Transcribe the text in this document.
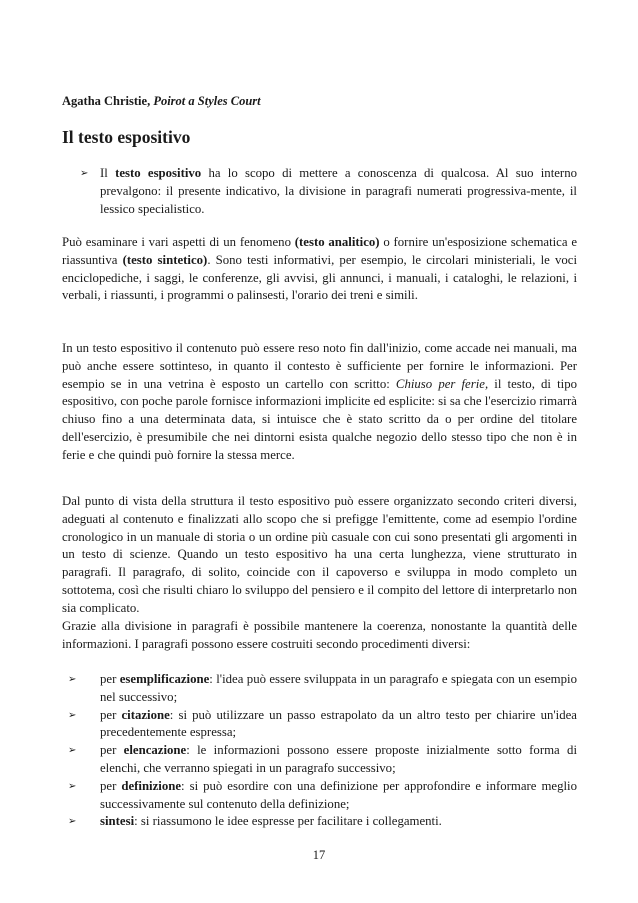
Agatha Christie, Poirot a Styles Court
Il testo espositivo
➢ Il testo espositivo ha lo scopo di mettere a conoscenza di qualcosa. Al suo interno prevalgono: il presente indicativo, la divisione in paragrafi numerati progressiva-mente, il lessico specialistico.

Può esaminare i vari aspetti di un fenomeno (testo analitico) o fornire un'esposizione schematica e riassuntiva (testo sintetico). Sono testi informativi, per esempio, le circolari ministeriali, le voci enciclopediche, i saggi, le conferenze, gli avvisi, gli annunci, i manuali, i cataloghi, le relazioni, i verbali, i riassunti, i programmi o palinsesti, l'orario dei treni e simili.

In un testo espositivo il contenuto può essere reso noto fin dall'inizio, come accade nei manuali, ma può anche essere sottinteso, in quanto il contesto è sufficiente per fornire le informazioni. Per esempio se in una vetrina è esposto un cartello con scritto: Chiuso per ferie, il testo, di tipo espositivo, con poche parole fornisce informazioni implicite ed esplicite: si sa che l'esercizio rimarrà chiuso fino a una determinata data, si intuisce che è stato scritto da o per ordine del titolare dell'esercizio, è presumibile che nei dintorni esista qualche negozio dello stesso tipo che non è in ferie e che quindi può fornire la stessa merce.

Dal punto di vista della struttura il testo espositivo può essere organizzato secondo criteri diversi, adeguati al contenuto e finalizzati allo scopo che si prefigge l'emittente, come ad esempio l'ordine cronologico in un manuale di storia o un ordine più casuale con cui sono presentati gli argomenti in un testo di scienze. Quando un testo espositivo ha una certa lunghezza, viene strutturato in paragrafi. Il paragrafo, di solito, coincide con il capoverso e sviluppa in modo completo un sottotema, così che risulti chiaro lo sviluppo del pensiero e il compito del lettore di interpretarlo non sia complicato.

Grazie alla divisione in paragrafi è possibile mantenere la coerenza, nonostante la quantità delle informazioni. I paragrafi possono essere costruiti secondo procedimenti diversi:

➢ per esemplificazione: l'idea può essere sviluppata in un paragrafo e spiegata con un esempio nel successivo;
➢ per citazione: si può utilizzare un passo estrapolato da un altro testo per chiarire un'idea precedentemente espressa;
➢ per elencazione: le informazioni possono essere proposte inizialmente sotto forma di elenchi, che verranno spiegati in un paragrafo successivo;
➢ per definizione: si può esordire con una definizione per approfondire e informare meglio successivamente sul contenuto della definizione;
➢ sintesi: si riassumono le idee espresse per facilitare i collegamenti.
17
